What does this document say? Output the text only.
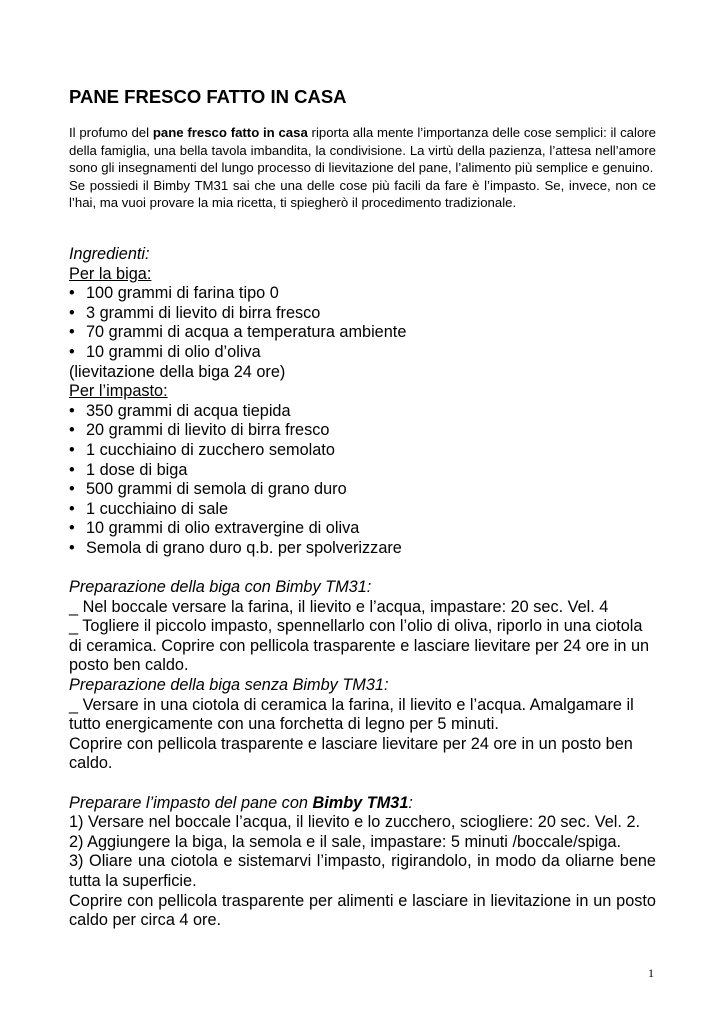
PANE FRESCO FATTO IN CASA

Il profumo del pane fresco fatto in casa riporta alla mente l’importanza delle cose semplici: il calore della famiglia, una bella tavola imbandita, la condivisione. La virtù della pazienza, l’attesa nell’amore sono gli insegnamenti del lungo processo di lievitazione del pane, l’alimento più semplice e genuino.

Se possiedi il Bimby TM31 sai che una delle cose più facili da fare è l’impasto. Se, invece, non ce l’hai, ma vuoi provare la mia ricetta, ti spiegherò il procedimento tradizionale.

Ingredienti:

Per la biga:

• 100 grammi di farina tipo 0
• 3 grammi di lievito di birra fresco
• 70 grammi di acqua a temperatura ambiente
• 10 grammi di olio d’oliva

(lievitazione della biga 24 ore)

Per l’impasto:

• 350 grammi di acqua tiepida
• 20 grammi di lievito di birra fresco
• 1 cucchiaino di zucchero semolato
• 1 dose di biga
• 500 grammi di semola di grano duro
• 1 cucchiaino di sale
• 10 grammi di olio extravergine di oliva
• Semola di grano duro q.b. per spolverizzare

Preparazione della biga con Bimby TM31:

_ Nel boccale versare la farina, il lievito e l’acqua, impastare: 20 sec. Vel. 4

_ Togliere il piccolo impasto, spennellarlo con l’olio di oliva, riporlo in una ciotola di ceramica. Coprire con pellicola trasparente e lasciare lievitare per 24 ore in un posto ben caldo.

Preparazione della biga senza Bimby TM31:

_ Versare in una ciotola di ceramica la farina, il lievito e l’acqua. Amalgamare il tutto energicamente con una forchetta di legno per 5 minuti.

Coprire con pellicola trasparente e lasciare lievitare per 24 ore in un posto ben caldo.

Preparare l’impasto del pane con Bimby TM31:

1) Versare nel boccale l’acqua, il lievito e lo zucchero, sciogliere: 20 sec. Vel. 2.

2) Aggiungere la biga, la semola e il sale, impastare: 5 minuti /boccale/spiga.

3) Oliare una ciotola e sistemarvi l’impasto, rigirandolo, in modo da oliarne bene tutta la superficie.

Coprire con pellicola trasparente per alimenti e lasciare in lievitazione in un posto caldo per circa 4 ore.

1
